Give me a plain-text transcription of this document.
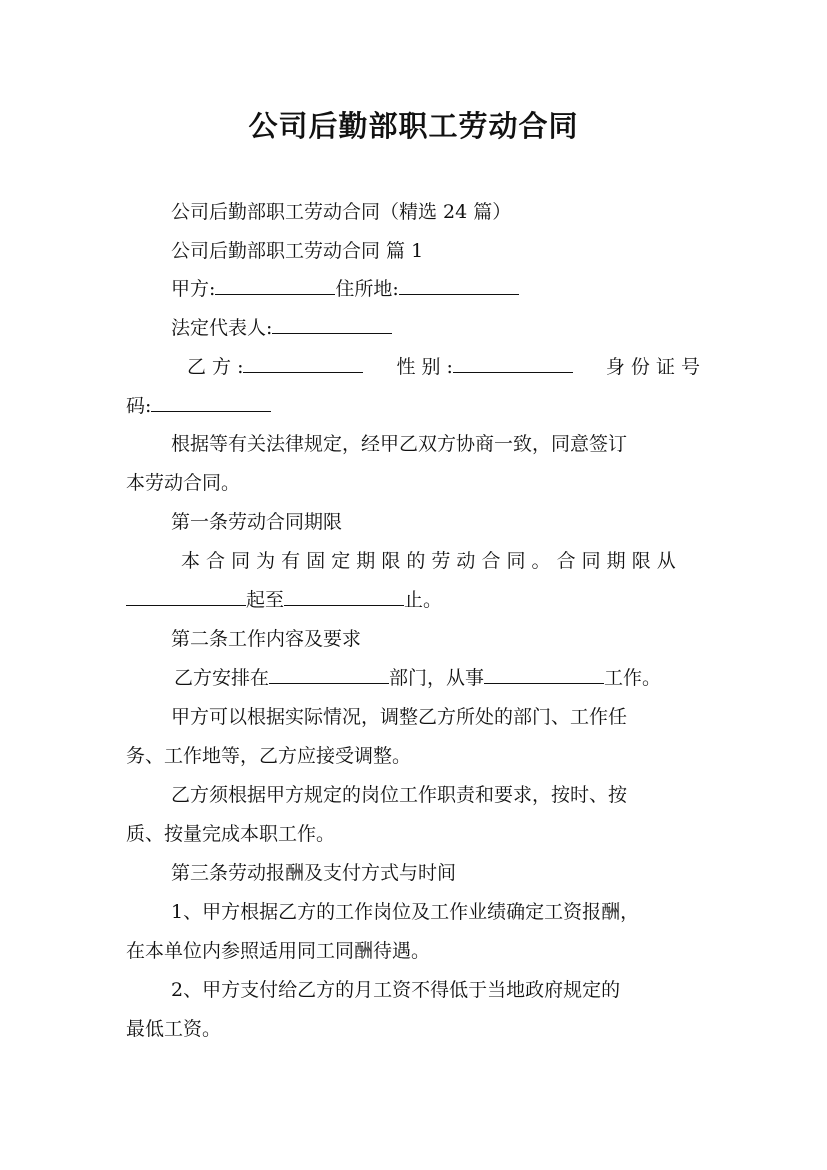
公司后勤部职工劳动合同
公司后勤部职工劳动合同（精选 24 篇）
公司后勤部职工劳动合同 篇 1
甲方:	住所地:
法定代表人:
乙 方 :	性 别 :	身 份 证 号
码:
根据等有关法律规定，经甲乙双方协商一致，同意签订
本劳动合同。
第一条劳动合同期限
本 合 同 为 有 固 定 期 限 的 劳 动 合 同 。 合 同 期 限 从
起至	止。
第二条工作内容及要求
乙方安排在	部门，从事	工作。
甲方可以根据实际情况，调整乙方所处的部门、工作任
务、工作地等，乙方应接受调整。
乙方须根据甲方规定的岗位工作职责和要求，按时、按
质、按量完成本职工作。
第三条劳动报酬及支付方式与时间
1、甲方根据乙方的工作岗位及工作业绩确定工资报酬，
在本单位内参照适用同工同酬待遇。
2、甲方支付给乙方的月工资不得低于当地政府规定的
最低工资。
